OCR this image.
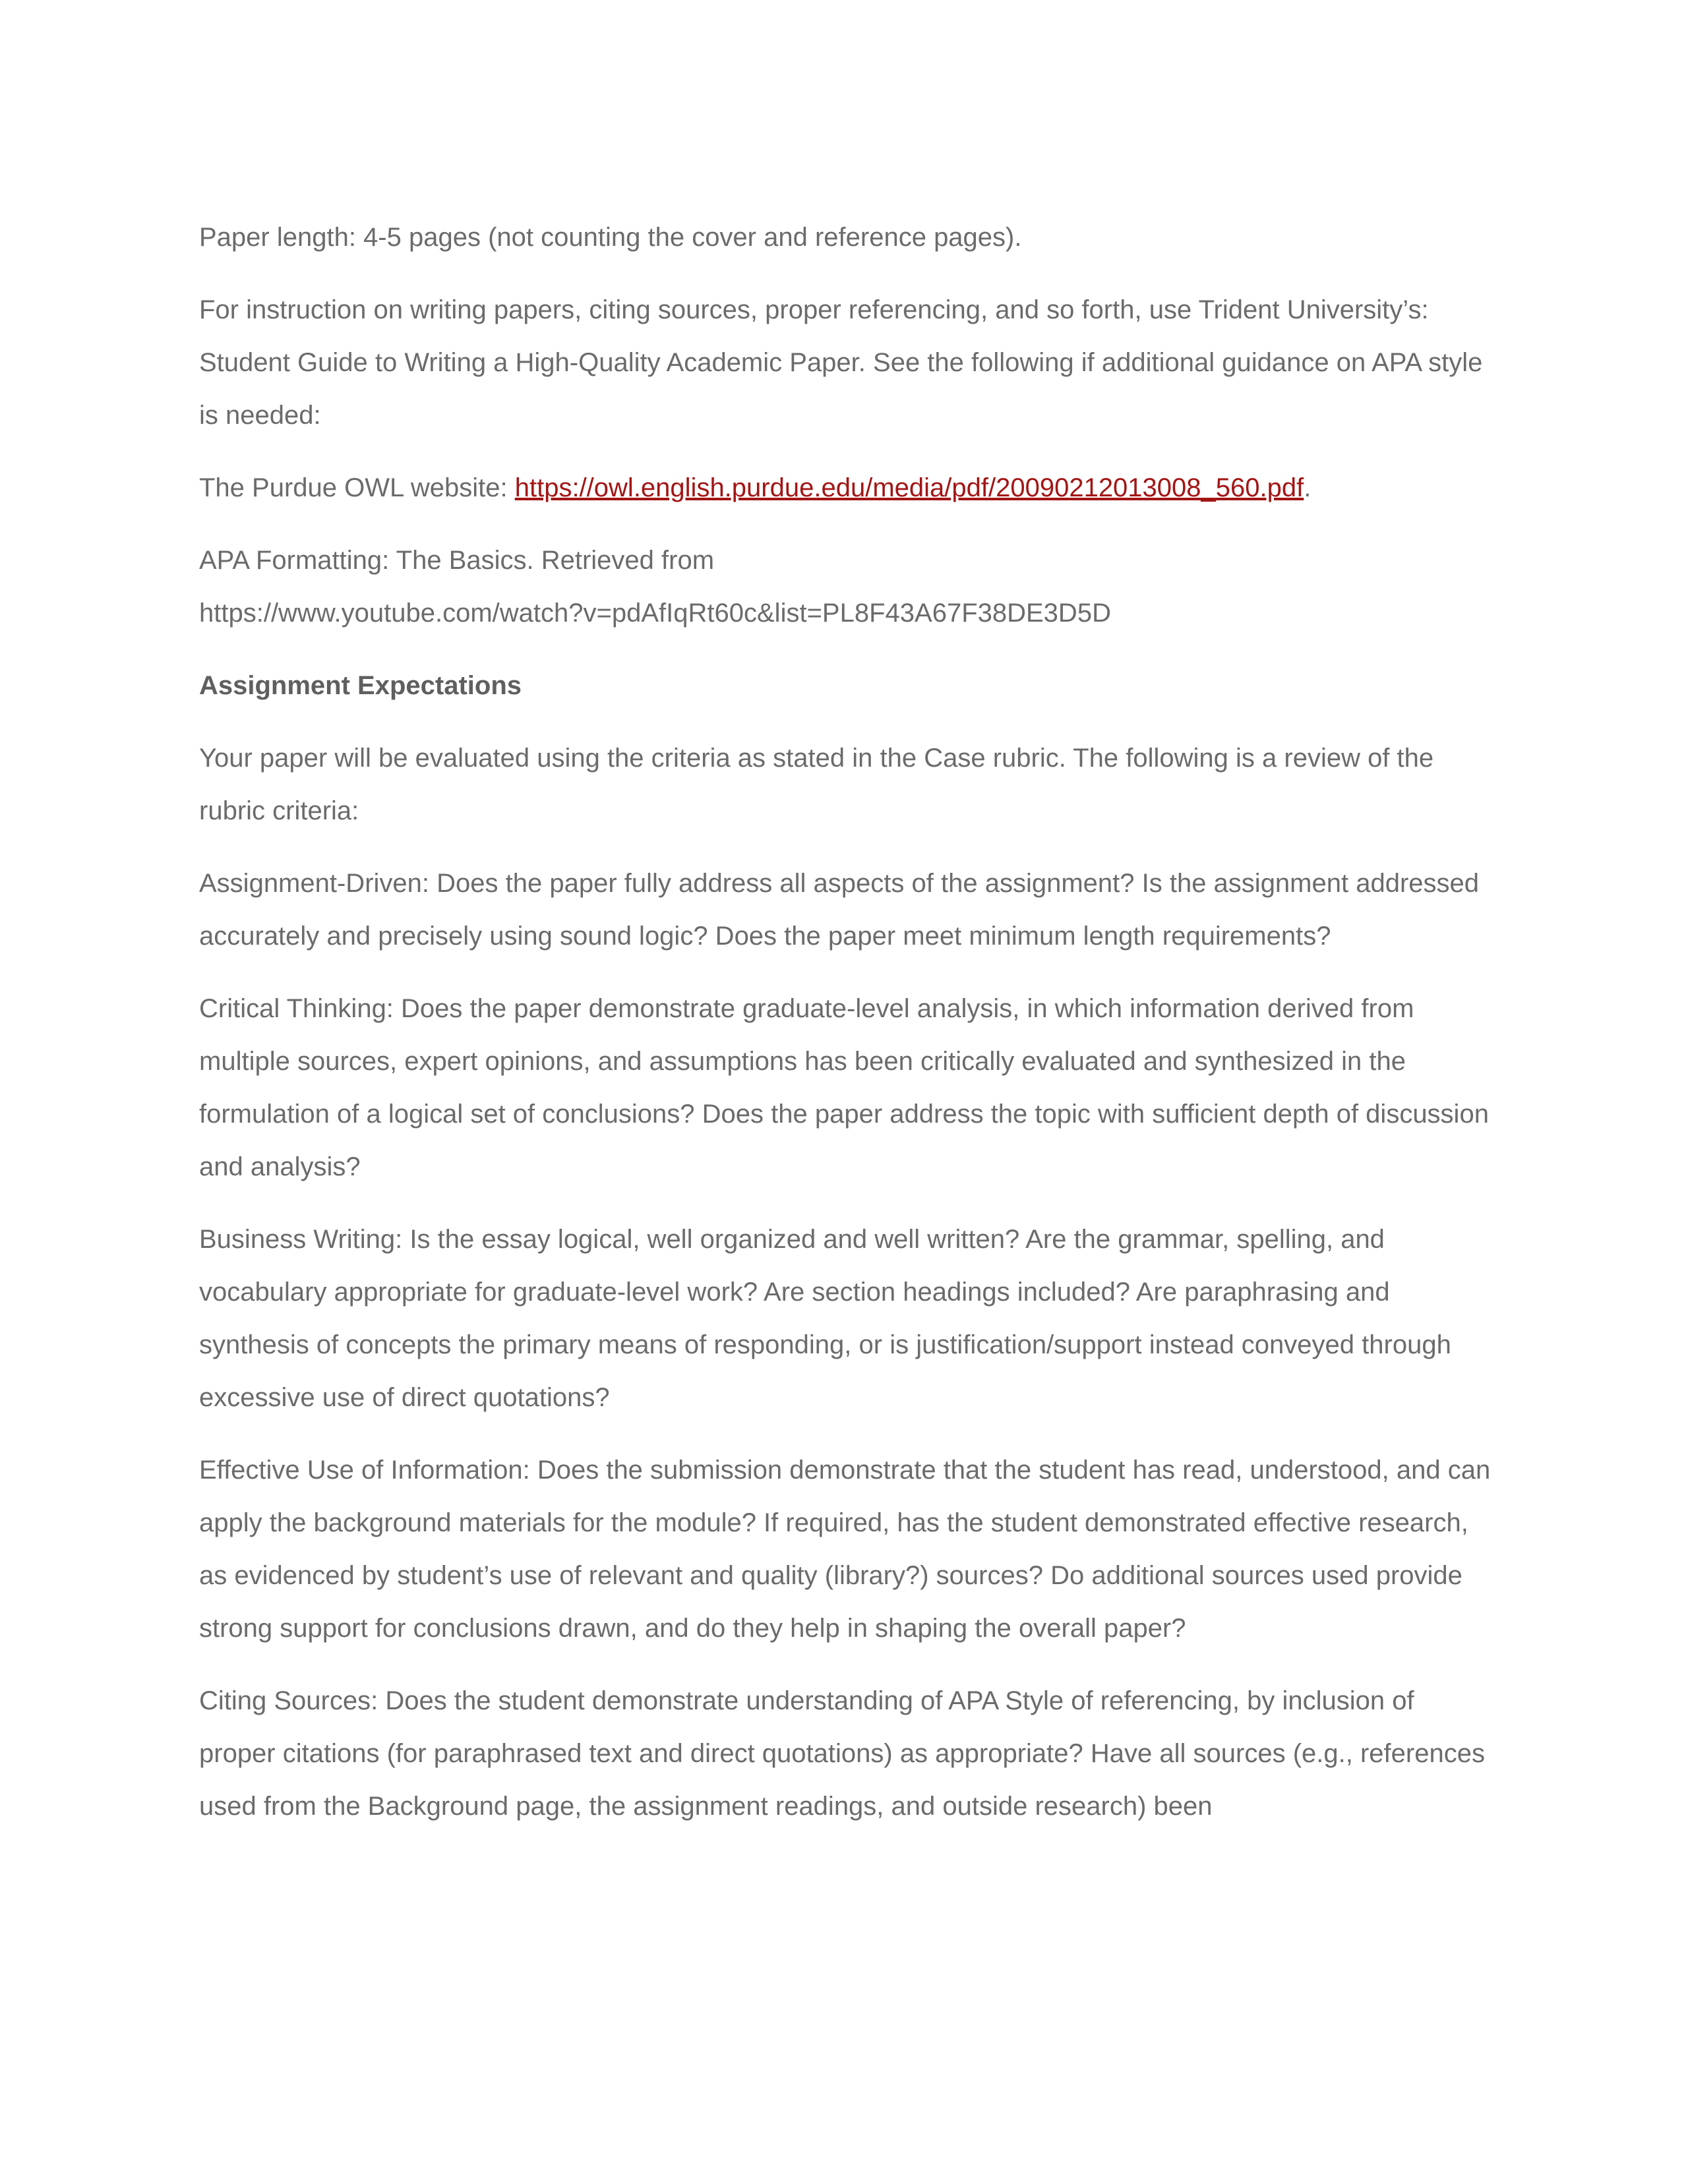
Paper length: 4-5 pages (not counting the cover and reference pages).

For instruction on writing papers, citing sources, proper referencing, and so forth, use Trident University’s: Student Guide to Writing a High-Quality Academic Paper. See the following if additional guidance on APA style is needed:

The Purdue OWL website: https://owl.english.purdue.edu/media/pdf/20090212013008_560.pdf.

APA Formatting: The Basics. Retrieved from
https://www.youtube.com/watch?v=pdAfIqRt60c&list=PL8F43A67F38DE3D5D

Assignment Expectations

Your paper will be evaluated using the criteria as stated in the Case rubric. The following is a review of the rubric criteria:

Assignment-Driven: Does the paper fully address all aspects of the assignment? Is the assignment addressed accurately and precisely using sound logic? Does the paper meet minimum length requirements?

Critical Thinking: Does the paper demonstrate graduate-level analysis, in which information derived from multiple sources, expert opinions, and assumptions has been critically evaluated and synthesized in the formulation of a logical set of conclusions? Does the paper address the topic with sufficient depth of discussion and analysis?

Business Writing: Is the essay logical, well organized and well written? Are the grammar, spelling, and vocabulary appropriate for graduate-level work? Are section headings included? Are paraphrasing and synthesis of concepts the primary means of responding, or is justification/support instead conveyed through excessive use of direct quotations?

Effective Use of Information: Does the submission demonstrate that the student has read, understood, and can apply the background materials for the module? If required, has the student demonstrated effective research, as evidenced by student’s use of relevant and quality (library?) sources? Do additional sources used provide strong support for conclusions drawn, and do they help in shaping the overall paper?

Citing Sources: Does the student demonstrate understanding of APA Style of referencing, by inclusion of proper citations (for paraphrased text and direct quotations) as appropriate? Have all sources (e.g., references used from the Background page, the assignment readings, and outside research) been
